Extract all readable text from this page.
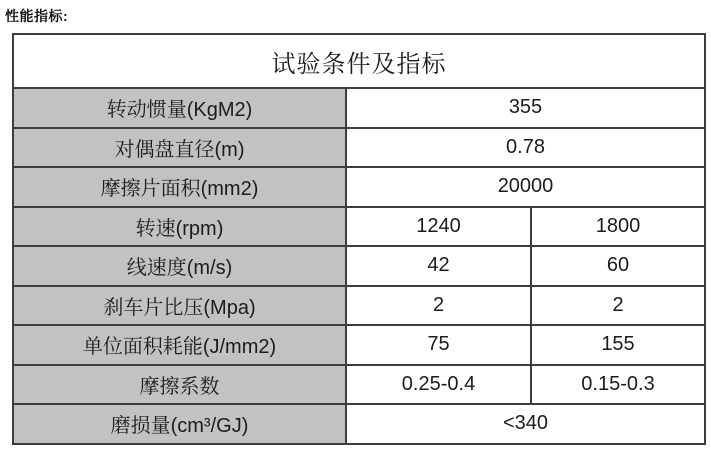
性能指标:
试验条件及指标		
转动惯量(KgM2)	355	
对偶盘直径(m)	0.78	
摩擦片面积(mm2)	20000	
转速(rpm)	1240	1800
线速度(m/s)	42	60
刹车片比压(Mpa)	2	2
单位面积耗能(J/mm2)	75	155
摩擦系数	0.25-0.4	0.15-0.3
磨损量(cm³/GJ)	<340	
